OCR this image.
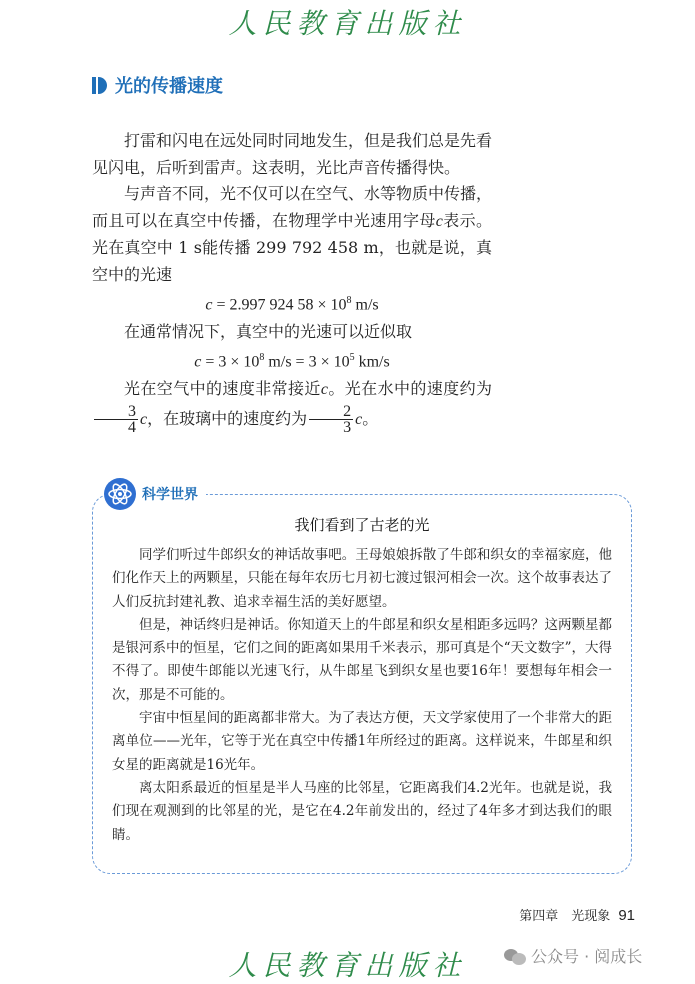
人民教育出版社
光的传播速度

打雷和闪电在远处同时同地发生，但是我们总是先看见闪电，后听到雷声。这表明，光比声音传播得快。

与声音不同，光不仅可以在空气、水等物质中传播，而且可以在真空中传播，在物理学中光速用字母c表示。光在真空中 1 s能传播 299 792 458 m，也就是说，真空中的光速

c = 2.997 924 $58 \times 10^8$ m/s

在通常情况下，真空中的光速可以近似取

$c = 3 \times 10^8$ $m/s = 3 \times 10^5$ km/s

光在空气中的速度非常接近c。光在水中的速度约为
$\frac{3}{4}$ c，在玻璃中的速度约为 $\frac{2}{3}$ c。

科学世界
我们看到了古老的光

同学们听过牛郎织女的神话故事吧。王母娘娘拆散了牛郎和织女的幸福家庭，他们化作天上的两颗星，只能在每年农历七月初七渡过银河相会一次。这个故事表达了人们反抗封建礼教、追求幸福生活的美好愿望。

但是，神话终归是神话。你知道天上的牛郎星和织女星相距多远吗？这两颗星都是银河系中的恒星，它们之间的距离如果用千米表示，那可真是个“天文数字”，大得不得了。即使牛郎能以光速飞行，从牛郎星飞到织女星也要16年！要想每年相会一次，那是不可能的。

宇宙中恒星间的距离都非常大。为了表达方便，天文学家使用了一个非常大的距离单位——光年，它等于光在真空中传播1年所经过的距离。这样说来，牛郎星和织女星的距离就是16光年。

离太阳系最近的恒星是半人马座的比邻星，它距离我们4.2光年。也就是说，我们现在观测到的比邻星的光，是它在4.2年前发出的，经过了4年多才到达我们的眼睛。

第四章　光现象 91
人民教育出版社	公众号 · 阅成长
